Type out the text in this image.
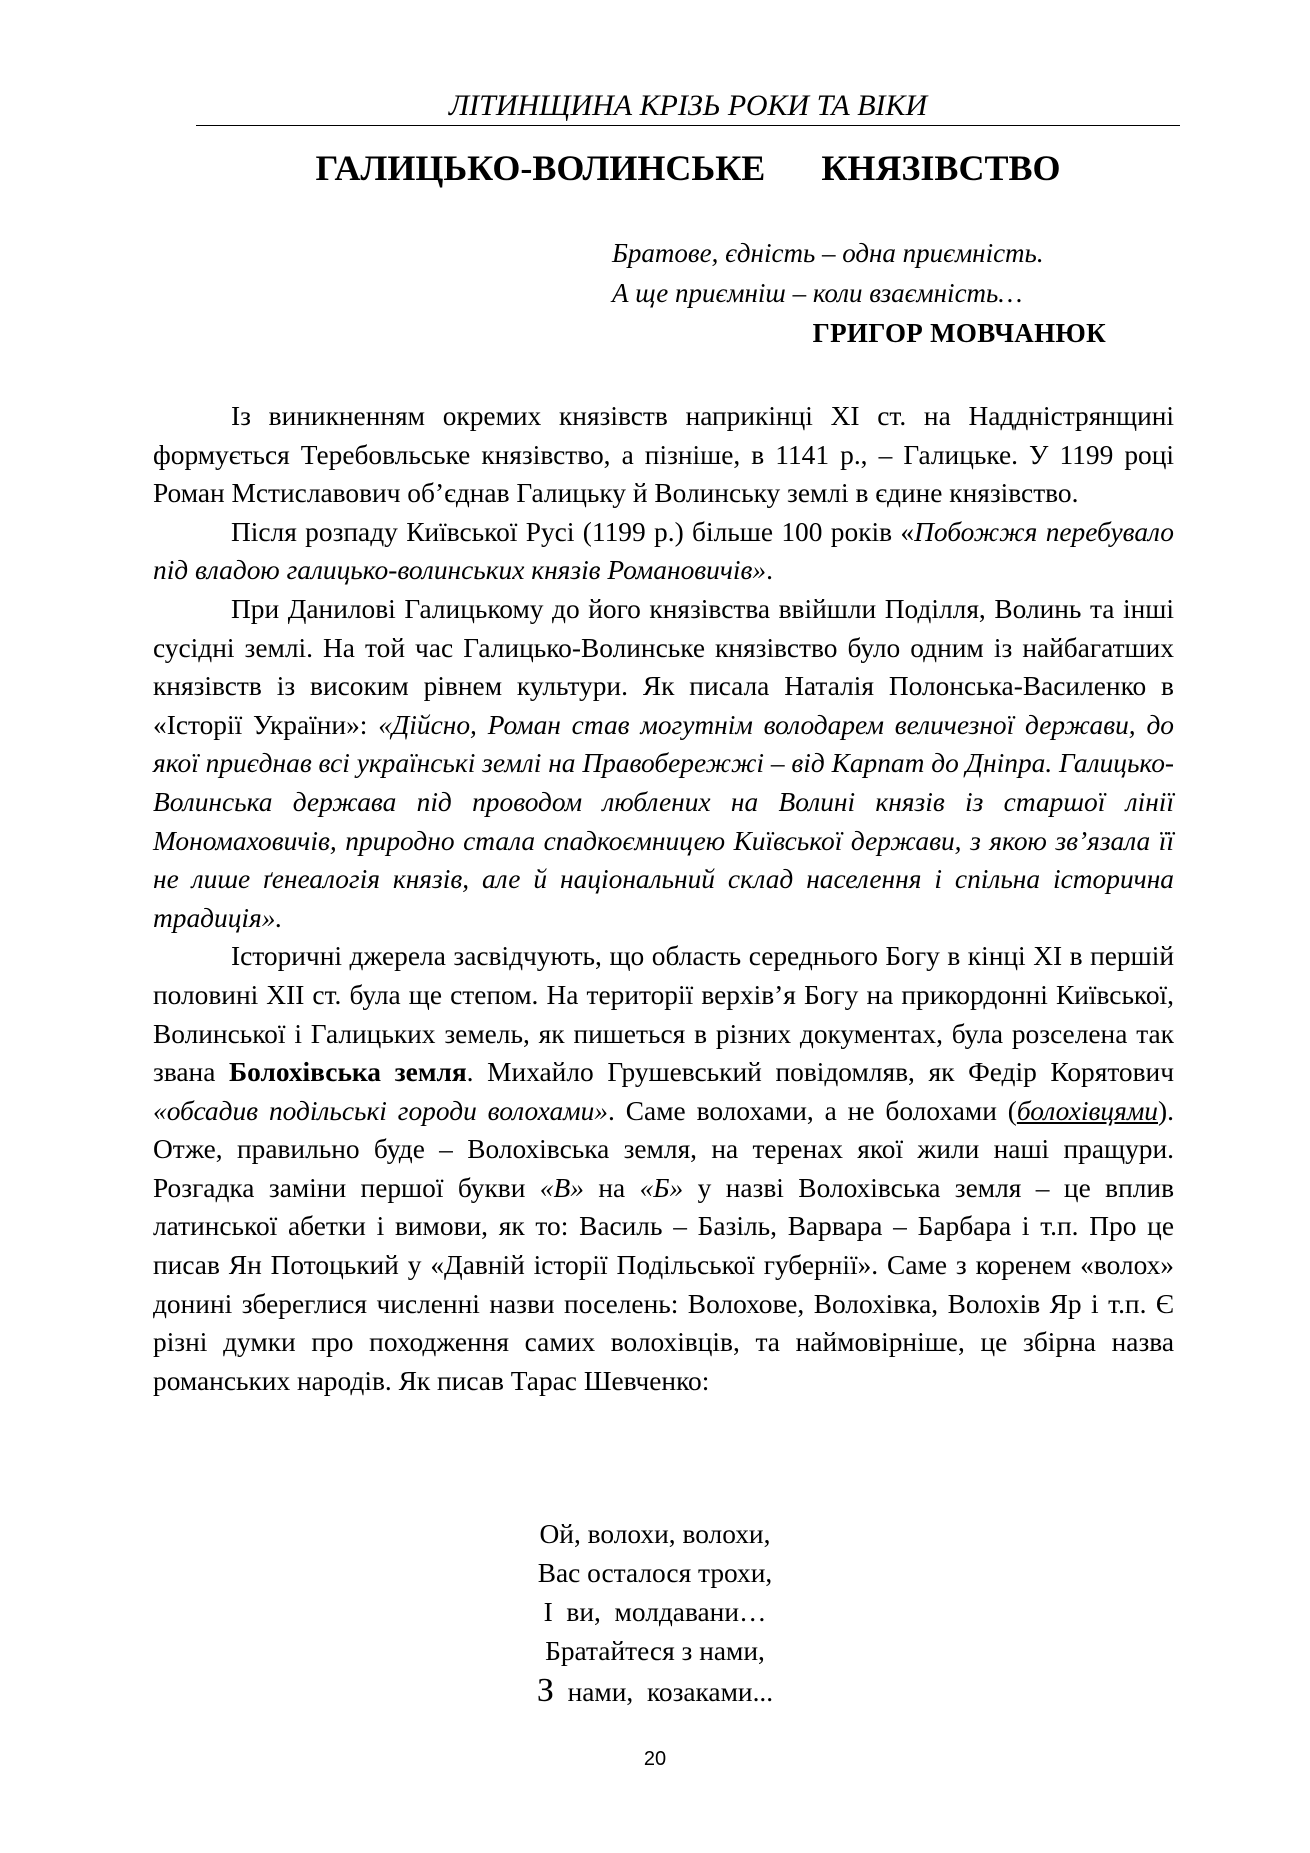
ЛІТИНЩИНА КРІЗЬ РОКИ ТА ВІКИ
ГАЛИЦЬКО-ВОЛИНСЬКЕ КНЯЗІВСТВО
Братове, єдність – одна приємність.
А ще приємніш – коли взаємність…
ГРИГОР МОВЧАНЮК

Із виникненням окремих князівств наприкінці XI ст. на Наддністрянщині формується Теребовльське князівство, а пізніше, в 1141 р., – Галицьке. У 1199 році Роман Мстиславович об’єднав Галицьку й Волинську землі в єдине князівство.

Після розпаду Київської Русі (1199 р.) більше 100 років «Побожжя перебувало під владою галицько-волинських князів Романовичів».

При Данилові Галицькому до його князівства ввійшли Поділля, Волинь та інші сусідні землі. На той час Галицько-Волинське князівство було одним із найбагатших князівств із високим рівнем культури. Як писала Наталія Полонська-Василенко в «Історії України»: «Дійсно, Роман став могутнім володарем величезної держави, до якої приєднав всі українські землі на Правобережжі – від Карпат до Дніпра. Галицько-Волинська держава під проводом люблених на Волині князів із старшої лінії Мономаховичів, природно стала спадкоємницею Київської держави, з якою зв’язала її не лише ґенеалогія князів, але й національний склад населення і спільна історична традиція».

Історичні джерела засвідчують, що область середнього Богу в кінці XI в першій половині XII ст. була ще степом. На території верхів’я Богу на прикордонні Київської, Волинської і Галицьких земель, як пишеться в різних документах, була розселена так звана Болохівська земля. Михайло Грушевський повідомляв, як Федір Корятович «обсадив подільські городи волохами». Саме волохами, а не болохами (болохівцями). Отже, правильно буде – Волохівська земля, на теренах якої жили наші пращури. Розгадка заміни першої букви «В» на «Б» у назві Волохівська земля – це вплив латинської абетки і вимови, як то: Василь – Базіль, Варвара – Барбара і т.п. Про це писав Ян Потоцький у «Давній історії Подільської губернії». Саме з коренем «волох» донині збереглися численні назви поселень: Волохове, Волохівка, Волохів Яр і т.п. Є різні думки про походження самих волохівців, та наймовірніше, це збірна назва романських народів. Як писав Тарас Шевченко:

Ой, волохи, волохи,
Вас осталося трохи,
І  ви,  молдавани…
Братайтеся з нами,
З  нами,  козаками...
20
